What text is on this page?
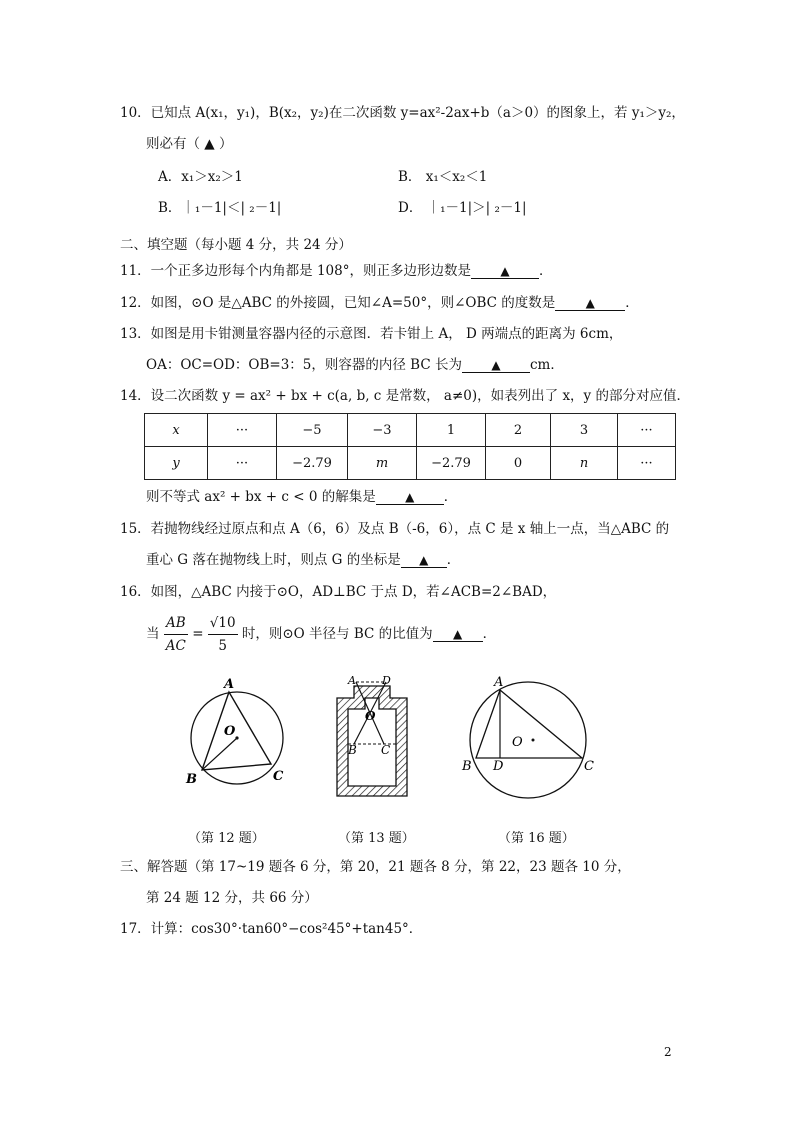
10．已知点 A(x₁，y₁)，B(x₂，y₂)在二次函数 y=ax²-2ax+b（a＞0）的图象上，若 y₁＞y₂，
则必有（ ▲ ）
A．x₁＞x₂＞1	B． x₁＜x₂＜1
B．｜₁－1|＜| ₂－1|	D． ｜₁－1|＞| ₂－1|
二、填空题（每小题 4 分，共 24 分）
11．一个正多边形每个内角都是 108°，则正多边形边数是 ▲ ．
12．如图，⊙O 是△ABC 的外接圆，已知∠A=50°，则∠OBC 的度数是	▲ ．
13．如图是用卡钳测量容器内径的示意图．若卡钳上 A， D 两端点的距离为 6cm，
OA：OC=OD：OB=3：5，则容器的内径 BC 长为 ▲ cm．
14．设二次函数 y = ax² + bx + c(a, b, c 是常数， a≠0)，如表列出了 x，y 的部分对应值．
x	···	−5	−3	1	2	3	···
y	···	−2.79	m	−2.79	0	n	···
则不等式 ax² + bx + c < 0 的解集是 ▲ ．
15．若抛物线经过原点和点 A（6，6）及点 B（-6，6），点 C 是 x 轴上一点，当△ABC 的
重心 G 落在抛物线上时，则点 G 的坐标是 ▲ ．
16．如图，△ABC 内接于⊙O，AD⊥BC 于点 D，若∠ACB=2∠BAD，
当 $\frac{AB}{AC} = \frac{√10}{5}$ 时，则⊙O 半径与 BC 的比值为 ▲ ．
A
O
B	C
（第 12 题）
A D
O
B C
（第 13 题）
A
O
B D	C
（第 16 题）
三、解答题（第 17~19 题各 6 分，第 20，21 题各 8 分，第 22，23 题各 10 分，
第 24 题 12 分，共 66 分）
17．计算：cos30°·tan60°−cos²45°+tan45°．
2
